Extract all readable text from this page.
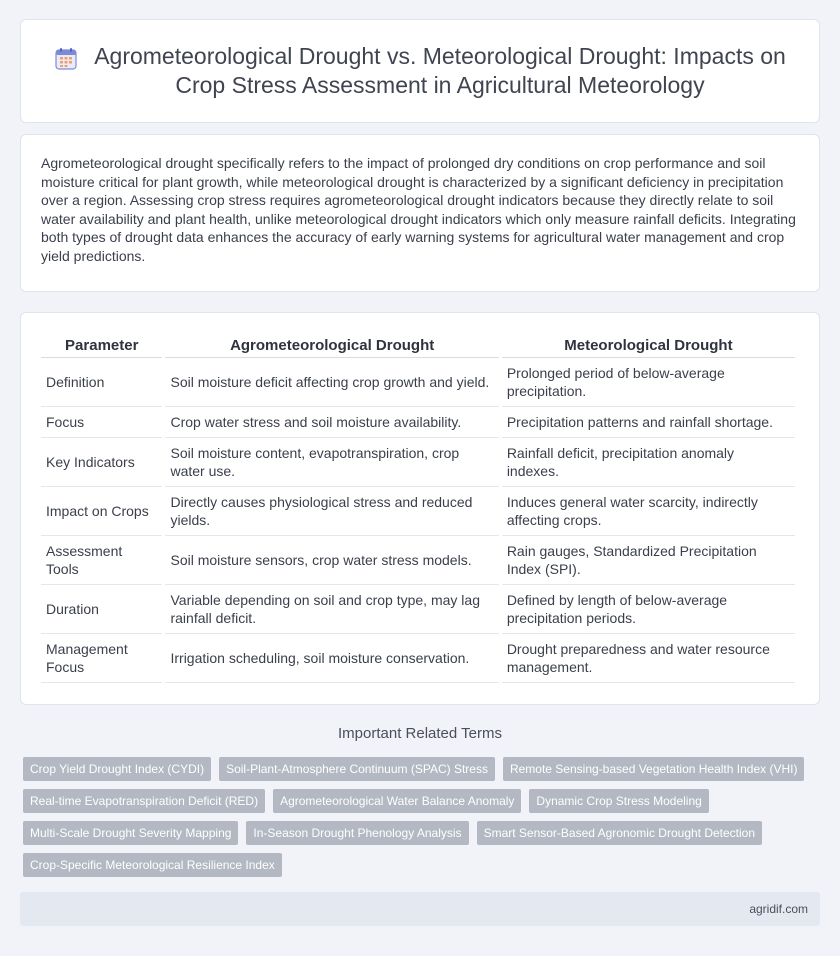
Agrometeorological Drought vs. Meteorological Drought: Impacts on Crop Stress Assessment in Agricultural Meteorology

Agrometeorological drought specifically refers to the impact of prolonged dry conditions on crop performance and soil moisture critical for plant growth, while meteorological drought is characterized by a significant deficiency in precipitation over a region. Assessing crop stress requires agrometeorological drought indicators because they directly relate to soil water availability and plant health, unlike meteorological drought indicators which only measure rainfall deficits. Integrating both types of drought data enhances the accuracy of early warning systems for agricultural water management and crop yield predictions.

Parameter	Agrometeorological Drought	Meteorological Drought
Definition	Soil moisture deficit affecting crop growth and yield.	Prolonged period of below-average precipitation.
Focus	Crop water stress and soil moisture availability.	Precipitation patterns and rainfall shortage.
Key Indicators	Soil moisture content, evapotranspiration, crop water use.	Rainfall deficit, precipitation anomaly indexes.
Impact on Crops	Directly causes physiological stress and reduced yields.	Induces general water scarcity, indirectly affecting crops.
Assessment Tools	Soil moisture sensors, crop water stress models.	Rain gauges, Standardized Precipitation Index (SPI).
Duration	Variable depending on soil and crop type, may lag rainfall deficit.	Defined by length of below-average precipitation periods.
Management Focus	Irrigation scheduling, soil moisture conservation.	Drought preparedness and water resource management.
Important Related Terms
Crop Yield Drought Index (CYDI)	Soil-Plant-Atmosphere Continuum (SPAC) Stress	Remote Sensing-based Vegetation Health Index (VHI)
Real-time Evapotranspiration Deficit (RED)	Agrometeorological Water Balance Anomaly	Dynamic Crop Stress Modeling
Multi-Scale Drought Severity Mapping	In-Season Drought Phenology Analysis	Smart Sensor-Based Agronomic Drought Detection
Crop-Specific Meteorological Resilience Index
agridif.com
